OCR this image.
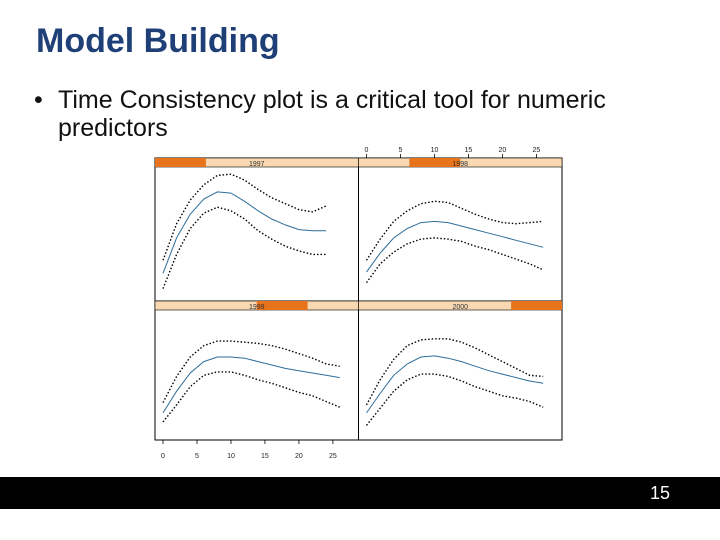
Model Building
• Time Consistency plot is a critical tool for numeric predictors
1997	1998
1999	2000
0	5	10	15	20	25
0	5	10	15	20	25
15
